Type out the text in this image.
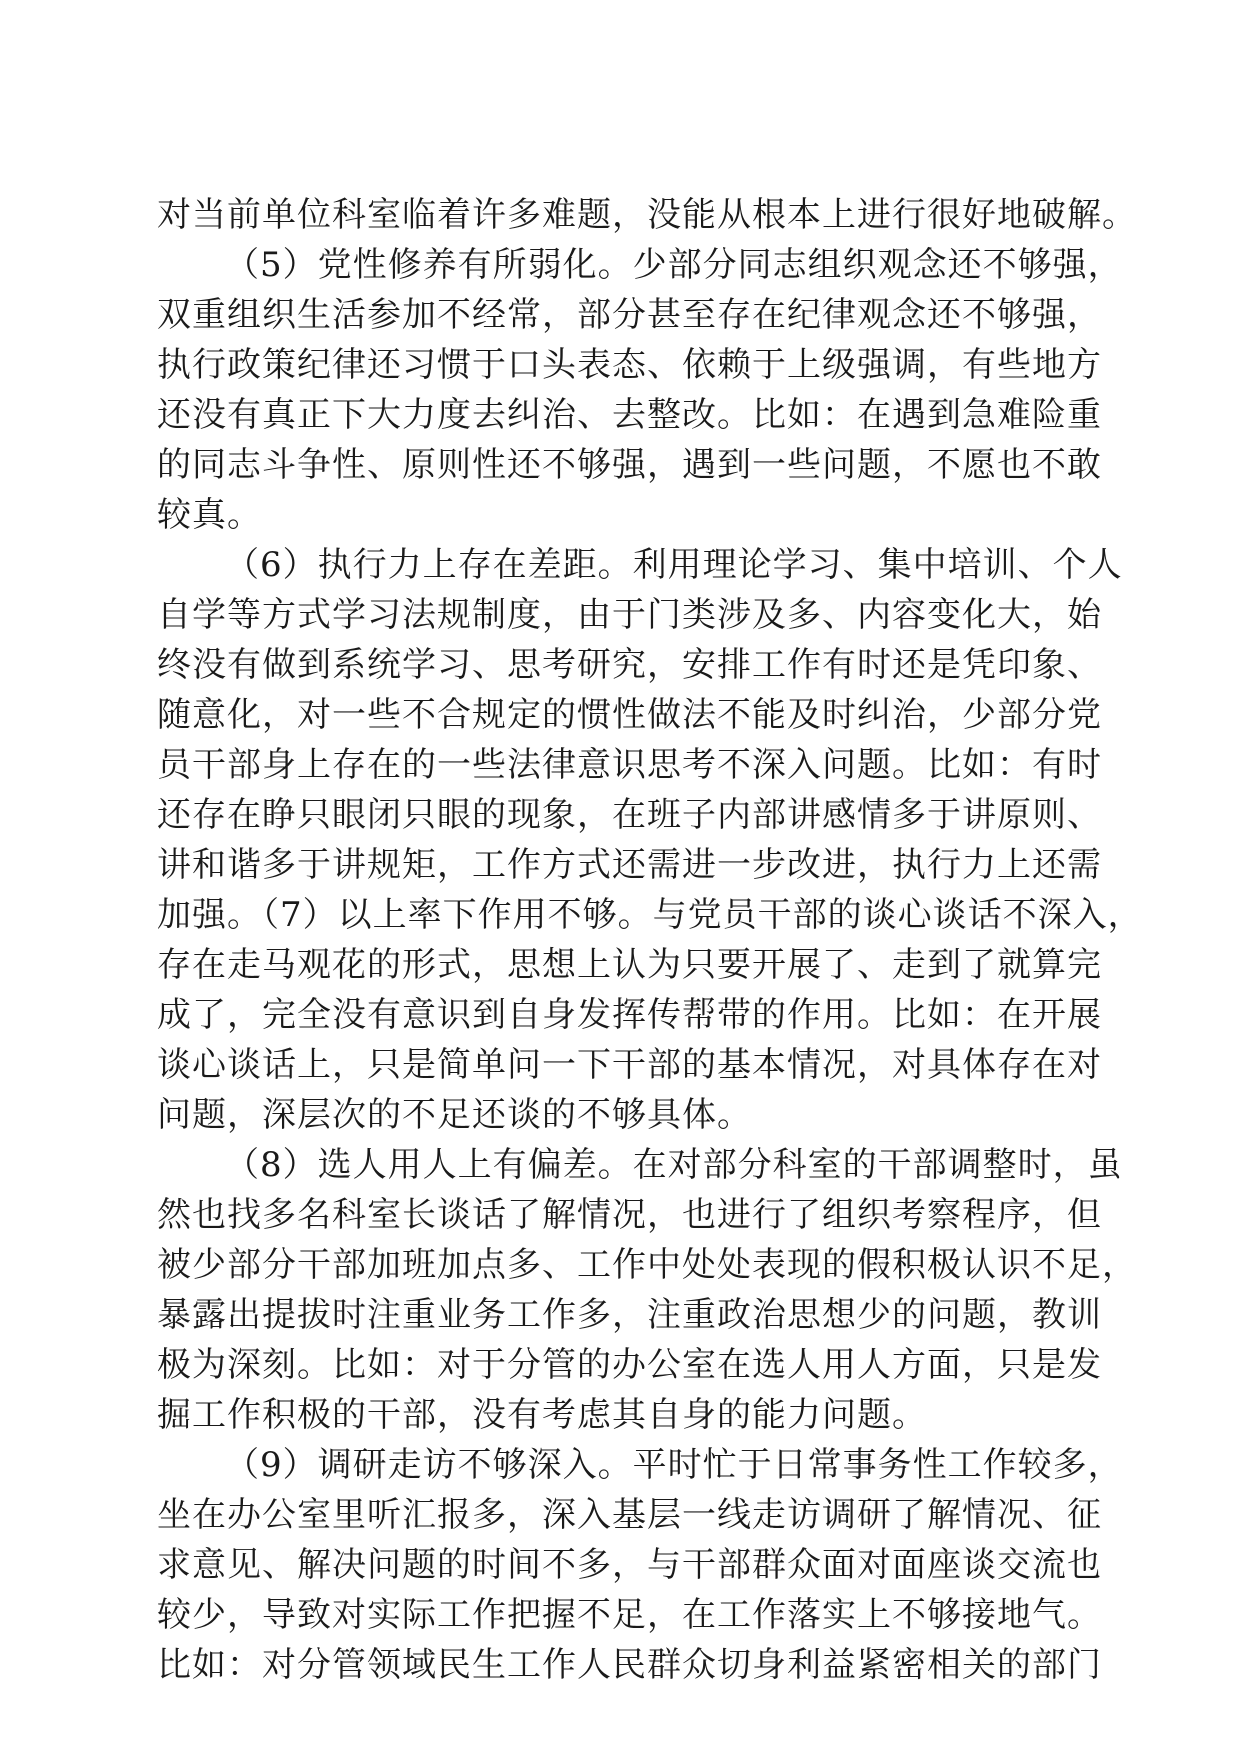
对当前单位科室临着许多难题，没能从根本上进行很好地破解。
（5）党性修养有所弱化。少部分同志组织观念还不够强，
双重组织生活参加不经常，部分甚至存在纪律观念还不够强，
执行政策纪律还习惯于口头表态、依赖于上级强调，有些地方
还没有真正下大力度去纠治、去整改。比如：在遇到急难险重
的同志斗争性、原则性还不够强，遇到一些问题，不愿也不敢
较真。
（6）执行力上存在差距。利用理论学习、集中培训、个人
自学等方式学习法规制度，由于门类涉及多、内容变化大，始
终没有做到系统学习、思考研究，安排工作有时还是凭印象、
随意化，对一些不合规定的惯性做法不能及时纠治，少部分党
员干部身上存在的一些法律意识思考不深入问题。比如：有时
还存在睁只眼闭只眼的现象，在班子内部讲感情多于讲原则、
讲和谐多于讲规矩，工作方式还需进一步改进，执行力上还需
加强。（7）以上率下作用不够。与党员干部的谈心谈话不深入，
存在走马观花的形式，思想上认为只要开展了、走到了就算完
成了，完全没有意识到自身发挥传帮带的作用。比如：在开展
谈心谈话上，只是简单问一下干部的基本情况，对具体存在对
问题，深层次的不足还谈的不够具体。
（8）选人用人上有偏差。在对部分科室的干部调整时，虽
然也找多名科室长谈话了解情况，也进行了组织考察程序，但
被少部分干部加班加点多、工作中处处表现的假积极认识不足，
暴露出提拔时注重业务工作多，注重政治思想少的问题，教训
极为深刻。比如：对于分管的办公室在选人用人方面，只是发
掘工作积极的干部，没有考虑其自身的能力问题。
（9）调研走访不够深入。平时忙于日常事务性工作较多，
坐在办公室里听汇报多，深入基层一线走访调研了解情况、征
求意见、解决问题的时间不多，与干部群众面对面座谈交流也
较少，导致对实际工作把握不足，在工作落实上不够接地气。
比如：对分管领域民生工作人民群众切身利益紧密相关的部门
